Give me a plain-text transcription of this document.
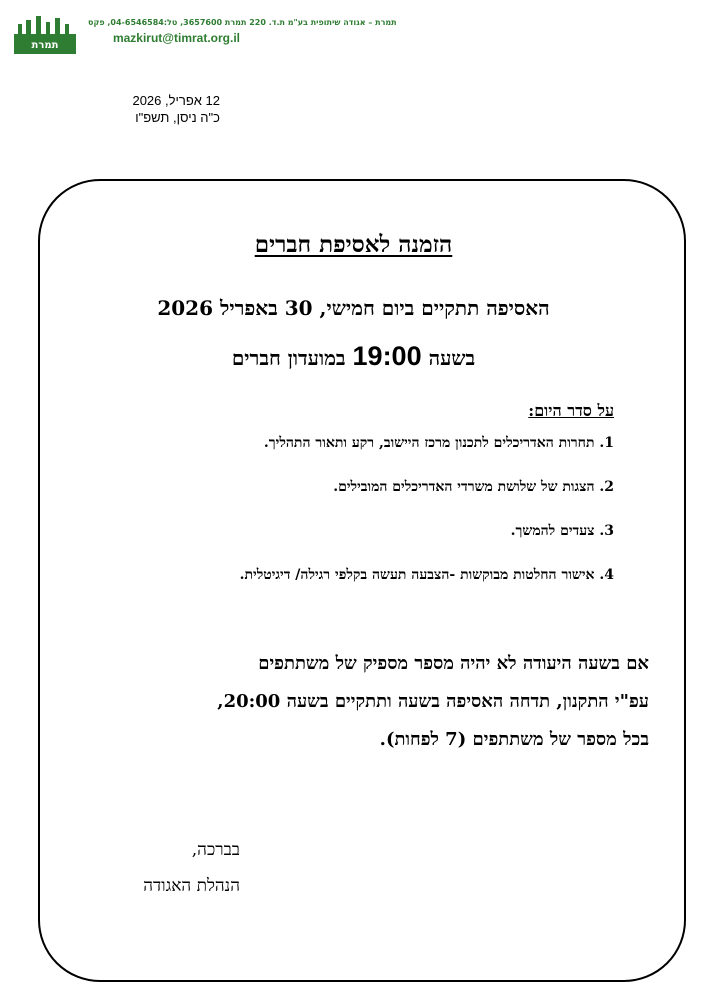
תמרת
תמרת – אגודה שיתופית בע"מ ת.ד. 220 תמרת 3657600, טל:04-6546584, פקס
mazkirut@timrat.org.il
12 אפריל, 2026
כ"ה ניסן, תשפ"ו
הזמנה לאסיפת חברים
האסיפה תתקיים ביום חמישי, 30 באפריל 2026
בשעה 19:00 במועדון חברים
על סדר היום:
1. תחרות האדריכלים לתכנון מרכז היישוב, רקע ותאור התהליך.
2. הצגות של שלושת משרדי האדריכלים המובילים.
3. צעדים להמשך.
4. אישור החלטות מבוקשות -הצבעה תעשה בקלפי רגילה/ דיגיטלית.
אם בשעה היעודה לא יהיה מספר מספיק של משתתפים
עפ"י התקנון, תדחה האסיפה בשעה ותתקיים בשעה 20:00,
בכל מספר של משתתפים (7 לפחות).
בברכה,
הנהלת האגודה
